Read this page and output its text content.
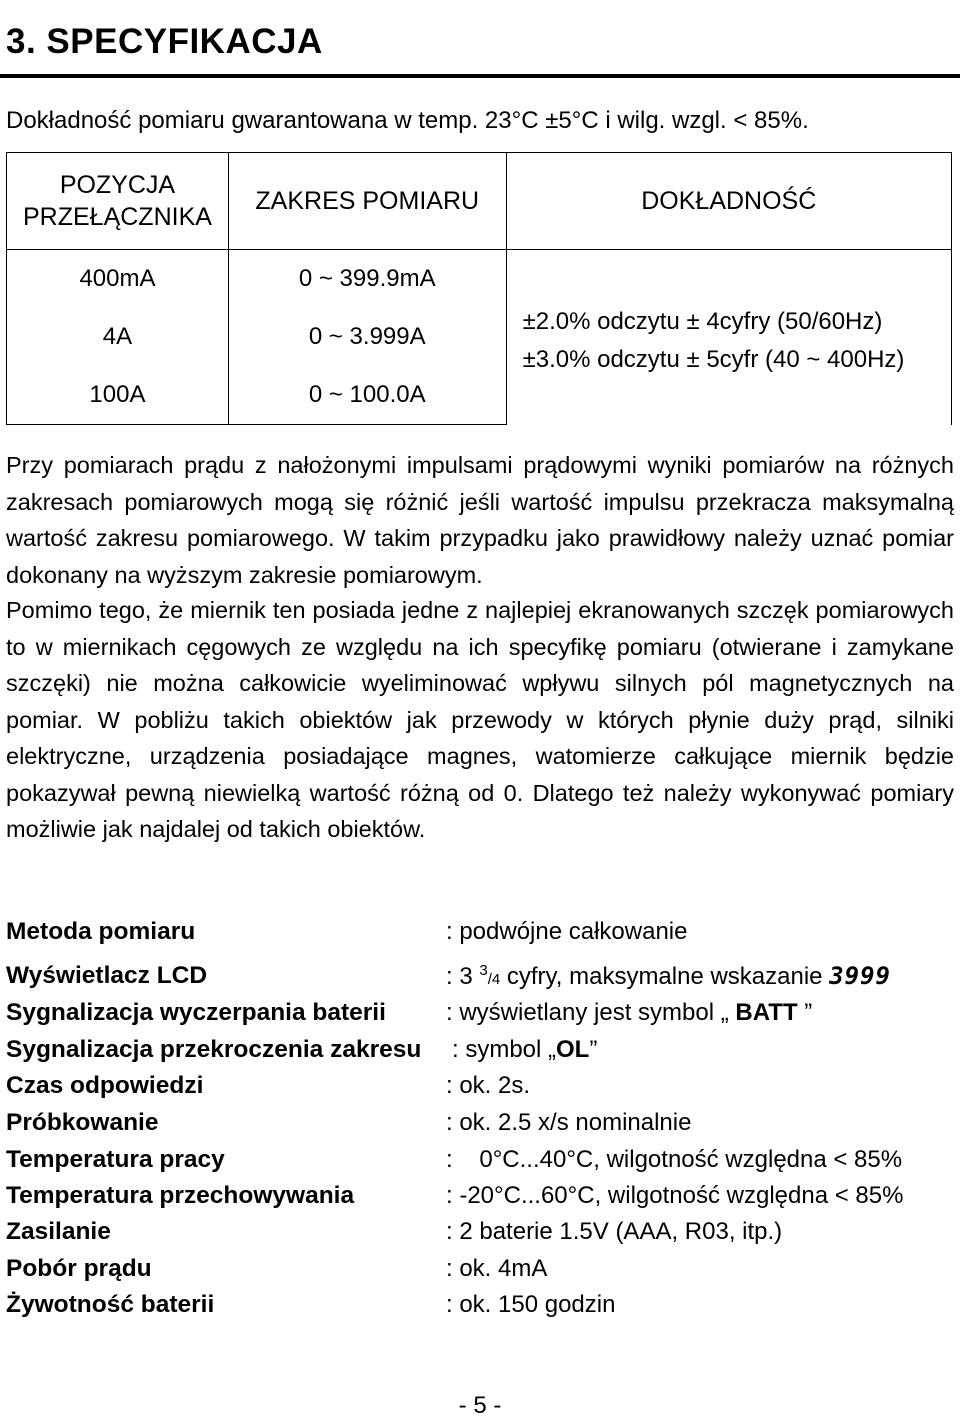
3. SPECYFIKACJA
Dokładność pomiaru gwarantowana w temp. 23°C ±5°C i wilg. wzgl. < 85%.
POZYCJA
PRZEŁĄCZNIKA	ZAKRES POMIARU	DOKŁADNOŚĆ
400mA	0 ~ 399.9mA	±2.0% odczytu ± 4cyfry (50/60Hz)
±3.0% odczytu ± 5cyfr (40 ~ 400Hz)

4A	0 ~ 3.999A	
100A	0 ~ 100.0A	

Przy pomiarach prądu z nałożonymi impulsami prądowymi wyniki pomiarów na różnych zakresach pomiarowych mogą się różnić jeśli wartość impulsu przekracza maksymalną wartość zakresu pomiarowego. W takim przypadku jako prawidłowy należy uznać pomiar dokonany na wyższym zakresie pomiarowym.

Pomimo tego, że miernik ten posiada jedne z najlepiej ekranowanych szczęk pomiarowych to w miernikach cęgowych ze względu na ich specyfikę pomiaru (otwierane i zamykane szczęki) nie można całkowicie wyeliminować wpływu silnych pól magnetycznych na pomiar. W pobliżu takich obiektów jak przewody w których płynie duży prąd, silniki elektryczne, urządzenia posiadające magnes, watomierze całkujące miernik będzie pokazywał pewną niewielką wartość różną od 0. Dlatego też należy wykonywać pomiary możliwie jak najdalej od takich obiektów.

Metoda pomiaru	: podwójne całkowanie
Wyświetlacz LCD	: 3 $^3$/4 cyfry, maksymalne wskazanie 3999
Sygnalizacja wyczerpania baterii	: wyświetlany jest symbol „ BATT ”
Sygnalizacja przekroczenia zakresu : symbol „OL”
Czas odpowiedzi	: ok. 2s.
Próbkowanie	: ok. 2.5 x/s nominalnie
Temperatura pracy	:    0°C...40°C, wilgotność względna < 85%
Temperatura przechowywania	: -20°C...60°C, wilgotność względna < 85%
Zasilanie	: 2 baterie 1.5V (AAA, R03, itp.)
Pobór prądu	: ok. 4mA
Żywotność baterii	: ok. 150 godzin
- 5 -
